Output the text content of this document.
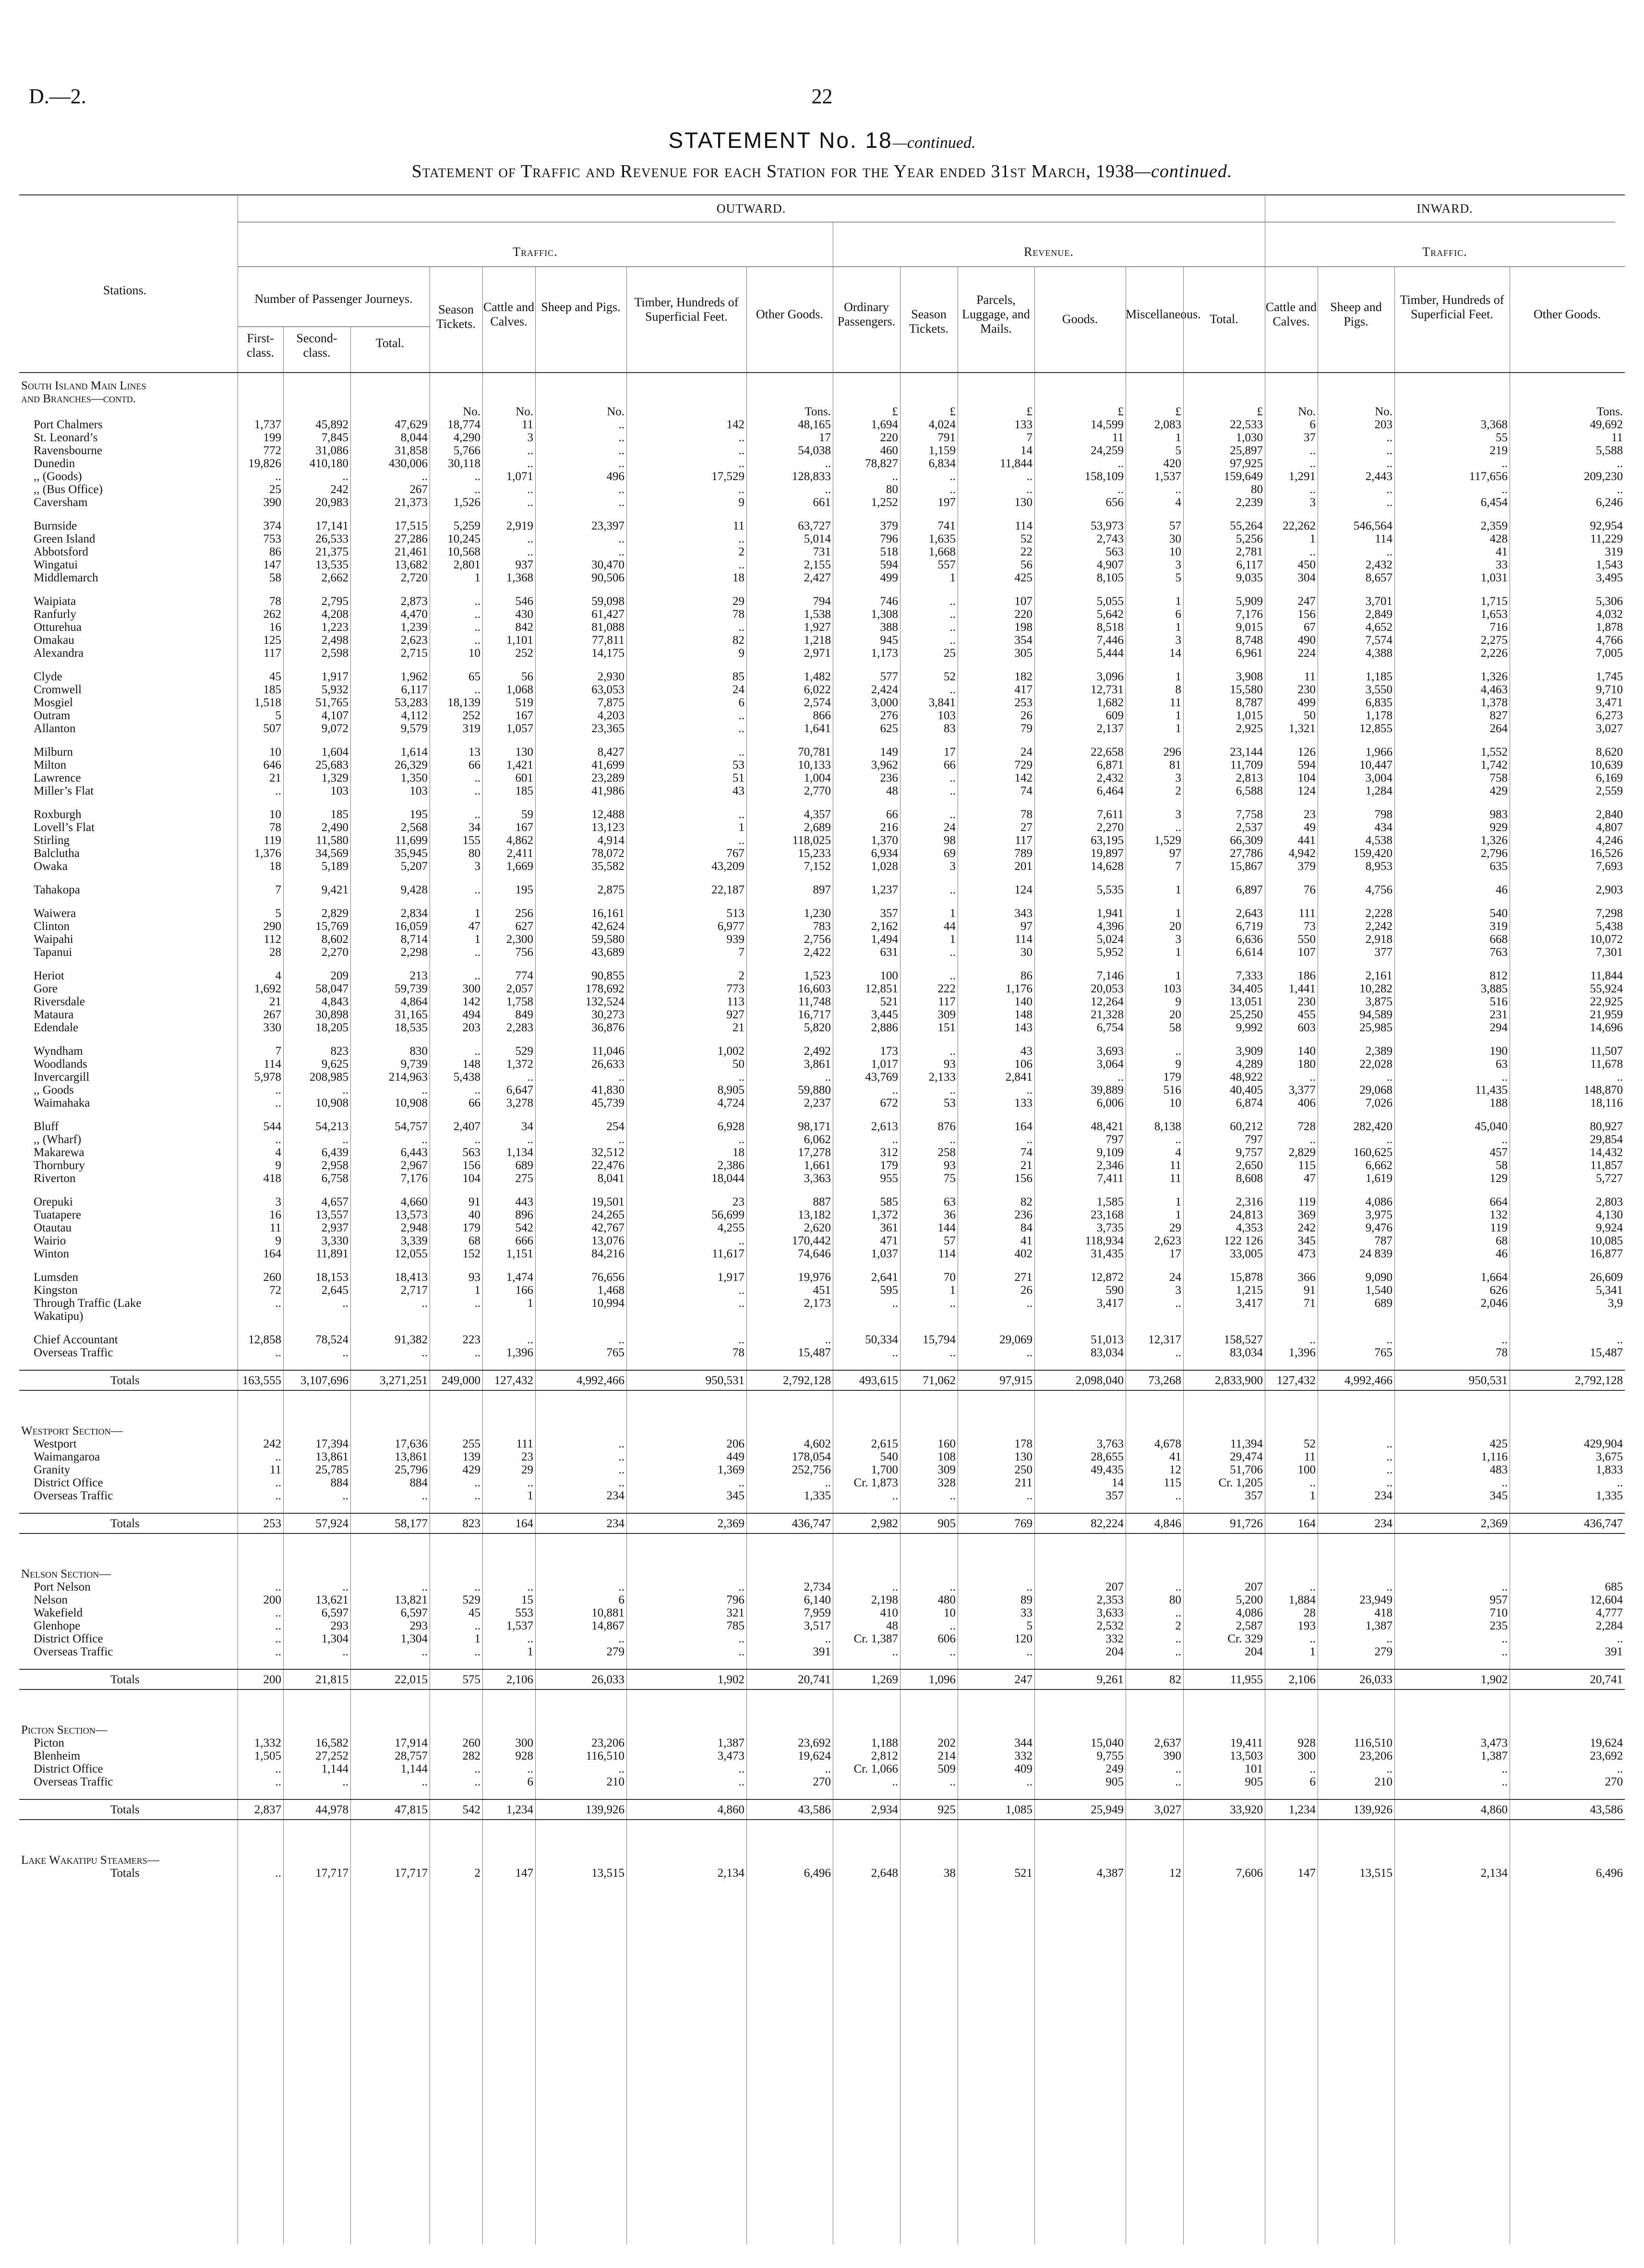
D.—2.	22
STATEMENT No. 18—continued.
Statement of Traffic and Revenue for each Station for the Year ended 31st March, 1938—continued.
OUTWARD.	INWARD.
Traffic.	Revenue.	Traffic.
Stations.
Number of Passenger Journeys.
First-class.
Second-class.
Total.
Season Tickets.
Cattle and Calves.
Sheep and Pigs.	Timber, Hundreds of Superficial Feet.	Other Goods.
Ordinary Passengers.
Season Tickets.
Parcels, Luggage, and Mails.
Goods.	Miscellaneous. Total.
Cattle and Calves.
Sheep and Pigs.
Timber, Hundreds of Superficial Feet.	Other Goods.
South Island Main Lines																		
and Branches—contd.																		
				No.	No.	No.		Tons.	£	£	£	£	£	£	No.	No.		Tons.
Port Chalmers	1,737	45,892	47,629	18,774	11	..	142	48,165	1,694	4,024	133	14,599	2,083	22,533	6	203	3,368	49,692
St. Leonard’s	199	7,845	8,044	4,290	3	..	..	17	220	791	7	11	1	1,030	37	..	55	11
Ravensbourne	772	31,086	31,858	5,766	..	..	..	54,038	460	1,159	14	24,259	5	25,897	..	..	219	5,588
Dunedin	19,826	410,180	430,006	30,118	..	..	..	..	78,827	6,834	11,844	..	420	97,925	..	..	..	..
,, (Goods)	..	..	..	..	1,071	496	17,529	128,833	..	..	..	158,109	1,537	159,649	1,291	2,443	117,656	209,230
,, (Bus Office)	25	242	267	..	..	..	..	..	80	..	..	..	..	80	..	..	..	..
Caversham	390	20,983	21,373	1,526	..	..	9	661	1,252	197	130	656	4	2,239	3	..	6,454	6,246

Burnside	374	17,141	17,515	5,259	2,919	23,397	11	63,727	379	741	114	53,973	57	55,264	22,262	546,564	2,359	92,954
Green Island	753	26,533	27,286	10,245	..	..	..	5,014	796	1,635	52	2,743	30	5,256	1	114	428	11,229
Abbotsford	86	21,375	21,461	10,568	..	..	2	731	518	1,668	22	563	10	2,781	..	..	41	319
Wingatui	147	13,535	13,682	2,801	937	30,470	..	2,155	594	557	56	4,907	3	6,117	450	2,432	33	1,543
Middlemarch	58	2,662	2,720	1	1,368	90,506	18	2,427	499	1	425	8,105	5	9,035	304	8,657	1,031	3,495

Waipiata	78	2,795	2,873	..	546	59,098	29	794	746	..	107	5,055	1	5,909	247	3,701	1,715	5,306
Ranfurly	262	4,208	4,470	..	430	61,427	78	1,538	1,308	..	220	5,642	6	7,176	156	2,849	1,653	4,032
Otturehua	16	1,223	1,239	..	842	81,088	..	1,927	388	..	198	8,518	1	9,015	67	4,652	716	1,878
Omakau	125	2,498	2,623	..	1,101	77,811	82	1,218	945	..	354	7,446	3	8,748	490	7,574	2,275	4,766
Alexandra	117	2,598	2,715	10	252	14,175	9	2,971	1,173	25	305	5,444	14	6,961	224	4,388	2,226	7,005

Clyde	45	1,917	1,962	65	56	2,930	85	1,482	577	52	182	3,096	1	3,908	11	1,185	1,326	1,745
Cromwell	185	5,932	6,117	..	1,068	63,053	24	6,022	2,424	..	417	12,731	8	15,580	230	3,550	4,463	9,710
Mosgiel	1,518	51,765	53,283	18,139	519	7,875	6	2,574	3,000	3,841	253	1,682	11	8,787	499	6,835	1,378	3,471
Outram	5	4,107	4,112	252	167	4,203	..	866	276	103	26	609	1	1,015	50	1,178	827	6,273
Allanton	507	9,072	9,579	319	1,057	23,365	..	1,641	625	83	79	2,137	1	2,925	1,321	12,855	264	3,027

Milburn	10	1,604	1,614	13	130	8,427	..	70,781	149	17	24	22,658	296	23,144	126	1,966	1,552	8,620
Milton	646	25,683	26,329	66	1,421	41,699	53	10,133	3,962	66	729	6,871	81	11,709	594	10,447	1,742	10,639
Lawrence	21	1,329	1,350	..	601	23,289	51	1,004	236	..	142	2,432	3	2,813	104	3,004	758	6,169
Miller’s Flat	..	103	103	..	185	41,986	43	2,770	48	..	74	6,464	2	6,588	124	1,284	429	2,559

Roxburgh	10	185	195	..	59	12,488	..	4,357	66	..	78	7,611	3	7,758	23	798	983	2,840
Lovell’s Flat	78	2,490	2,568	34	167	13,123	1	2,689	216	24	27	2,270	..	2,537	49	434	929	4,807
Stirling	119	11,580	11,699	155	4,862	4,914	..	118,025	1,370	98	117	63,195	1,529	66,309	441	4,538	1,326	4,246
Balclutha	1,376	34,569	35,945	80	2,411	78,072	767	15,233	6,934	69	789	19,897	97	27,786	4,942	159,420	2,796	16,526
Owaka	18	5,189	5,207	3	1,669	35,582	43,209	7,152	1,028	3	201	14,628	7	15,867	379	8,953	635	7,693

Tahakopa	7	9,421	9,428	..	195	2,875	22,187	897	1,237	..	124	5,535	1	6,897	76	4,756	46	2,903

Waiwera	5	2,829	2,834	1	256	16,161	513	1,230	357	1	343	1,941	1	2,643	111	2,228	540	7,298
Clinton	290	15,769	16,059	47	627	42,624	6,977	783	2,162	44	97	4,396	20	6,719	73	2,242	319	5,438
Waipahi	112	8,602	8,714	1	2,300	59,580	939	2,756	1,494	1	114	5,024	3	6,636	550	2,918	668	10,072
Tapanui	28	2,270	2,298	..	756	43,689	7	2,422	631	..	30	5,952	1	6,614	107	377	763	7,301

Heriot	4	209	213	..	774	90,855	2	1,523	100	..	86	7,146	1	7,333	186	2,161	812	11,844
Gore	1,692	58,047	59,739	300	2,057	178,692	773	16,603	12,851	222	1,176	20,053	103	34,405	1,441	10,282	3,885	55,924
Riversdale	21	4,843	4,864	142	1,758	132,524	113	11,748	521	117	140	12,264	9	13,051	230	3,875	516	22,925
Mataura	267	30,898	31,165	494	849	30,273	927	16,717	3,445	309	148	21,328	20	25,250	455	94,589	231	21,959
Edendale	330	18,205	18,535	203	2,283	36,876	21	5,820	2,886	151	143	6,754	58	9,992	603	25,985	294	14,696

Wyndham	7	823	830	..	529	11,046	1,002	2,492	173	..	43	3,693	..	3,909	140	2,389	190	11,507
Woodlands	114	9,625	9,739	148	1,372	26,633	50	3,861	1,017	93	106	3,064	9	4,289	180	22,028	63	11,678
Invercargill	5,978	208,985	214,963	5,438	..	..	..	..	43,769	2,133	2,841	..	179	48,922	..	..	..	..
,, Goods	..	..	..	..	6,647	41,830	8,905	59,880	..	..	..	39,889	516	40,405	3,377	29,068	11,435	148,870
Waimahaka	..	10,908	10,908	66	3,278	45,739	4,724	2,237	672	53	133	6,006	10	6,874	406	7,026	188	18,116

Bluff	544	54,213	54,757	2,407	34	254	6,928	98,171	2,613	876	164	48,421	8,138	60,212	728	282,420	45,040	80,927
,, (Wharf)	..	..	..	..	..	..	..	6,062	..	..	..	797	..	797	..	..	..	29,854
Makarewa	4	6,439	6,443	563	1,134	32,512	18	17,278	312	258	74	9,109	4	9,757	2,829	160,625	457	14,432
Thornbury	9	2,958	2,967	156	689	22,476	2,386	1,661	179	93	21	2,346	11	2,650	115	6,662	58	11,857
Riverton	418	6,758	7,176	104	275	8,041	18,044	3,363	955	75	156	7,411	11	8,608	47	1,619	129	5,727

Orepuki	3	4,657	4,660	91	443	19,501	23	887	585	63	82	1,585	1	2,316	119	4,086	664	2,803
Tuatapere	16	13,557	13,573	40	896	24,265	56,699	13,182	1,372	36	236	23,168	1	24,813	369	3,975	132	4,130
Otautau	11	2,937	2,948	179	542	42,767	4,255	2,620	361	144	84	3,735	29	4,353	242	9,476	119	9,924
Wairio	9	3,330	3,339	68	666	13,076	..	170,442	471	57	41	118,934	2,623	122 126	345	787	68	10,085
Winton	164	11,891	12,055	152	1,151	84,216	11,617	74,646	1,037	114	402	31,435	17	33,005	473	24 839	46	16,877

Lumsden	260	18,153	18,413	93	1,474	76,656	1,917	19,976	2,641	70	271	12,872	24	15,878	366	9,090	1,664	26,609
Kingston	72	2,645	2,717	1	166	1,468	..	451	595	1	26	590	3	1,215	91	1,540	626	5,341
Through Traffic (Lake	..	..	..	..	1	10,994	..	2,173	..	..	..	3,417	..	3,417	71	689	2,046	3,9
Wakatipu)																		

Chief Accountant	12,858	78,524	91,382	223	..	..	..	..	50,334	15,794	29,069	51,013	12,317	158,527	..	..	..	..
Overseas Traffic	..	..	..	..	1,396	765	78	15,487	..	..	..	83,034	..	83,034	1,396	765	78	15,487

Totals	163,555	3,107,696	3,271,251	249,000	127,432	4,992,466	950,531	2,792,128	493,615	71,062	97,915	2,098,040	73,268	2,833,900	127,432	4,992,466	950,531	2,792,128

Westport Section—																		
Westport	242	17,394	17,636	255	111	..	206	4,602	2,615	160	178	3,763	4,678	11,394	52	..	425	429,904
Waimangaroa	..	13,861	13,861	139	23	..	449	178,054	540	108	130	28,655	41	29,474	11	..	1,116	3,675
Granity	11	25,785	25,796	429	29	..	1,369	252,756	1,700	309	250	49,435	12	51,706	100	..	483	1,833
District Office	..	884	884	..	..	..	..	..	Cr. 1,873	328	211	14	115	Cr. 1,205	..	..	..	..
Overseas Traffic	..	..	..	..	1	234	345	1,335	..	..	..	357	..	357	1	234	345	1,335

Totals	253	57,924	58,177	823	164	234	2,369	436,747	2,982	905	769	82,224	4,846	91,726	164	234	2,369	436,747

Nelson Section—																		
Port Nelson	..	..	..	..	..	..	..	2,734	..	..	..	207	..	207	..	..	..	685
Nelson	200	13,621	13,821	529	15	6	796	6,140	2,198	480	89	2,353	80	5,200	1,884	23,949	957	12,604
Wakefield	..	6,597	6,597	45	553	10,881	321	7,959	410	10	33	3,633	..	4,086	28	418	710	4,777
Glenhope	..	293	293	..	1,537	14,867	785	3,517	48	..	5	2,532	2	2,587	193	1,387	235	2,284
District Office	..	1,304	1,304	1	..	..	..	..	Cr. 1,387	606	120	332	..	Cr. 329	..	..	..	..
Overseas Traffic	..	..	..	..	1	279	..	391	..	..	..	204	..	204	1	279	..	391

Totals	200	21,815	22,015	575	2,106	26,033	1,902	20,741	1,269	1,096	247	9,261	82	11,955	2,106	26,033	1,902	20,741

Picton Section—																		
Picton	1,332	16,582	17,914	260	300	23,206	1,387	23,692	1,188	202	344	15,040	2,637	19,411	928	116,510	3,473	19,624
Blenheim	1,505	27,252	28,757	282	928	116,510	3,473	19,624	2,812	214	332	9,755	390	13,503	300	23,206	1,387	23,692
District Office	..	1,144	1,144	..	..	..	..	..	Cr. 1,066	509	409	249	..	101	..	..	..	..
Overseas Traffic	..	..	..	..	6	210	..	270	..	..	..	905	..	905	6	210	..	270

Totals	2,837	44,978	47,815	542	1,234	139,926	4,860	43,586	2,934	925	1,085	25,949	3,027	33,920	1,234	139,926	4,860	43,586

Lake Wakatipu Steamers—																		
Totals	..	17,717	17,717	2	147	13,515	2,134	6,496	2,648	38	521	4,387	12	7,606	147	13,515	2,134	6,496
